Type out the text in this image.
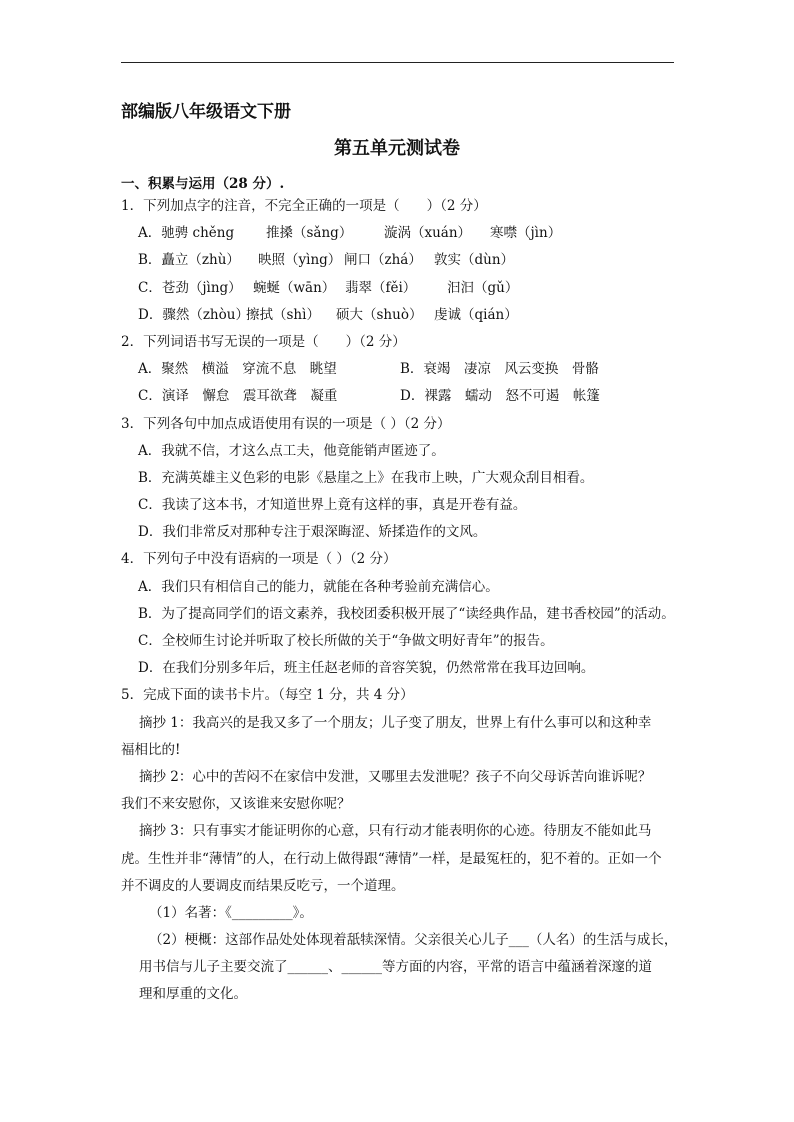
部编版八年级语文下册
第五单元测试卷
一、积累与运用（28 分）.
1．下列加点字的注音，不完全正确的一项是（　　）（2 分）
A．驰骋 chěng 推搡（sǎng） 漩涡（xuán） 寒噤（jìn）
B．矗立（zhù） 映照（yìng） 闸口（zhá） 敦实（dùn）
C．苍劲（jìng） 蜿蜒（wān） 翡翠（fěi） 汩汩（gǔ）
D．骤然（zhòu）擦拭（shì） 硕大（shuò） 虔诚（qián）
2．下列词语书写无误的一项是（　　）（2 分）
A．聚然　横溢　穿流不息　眺望	B．衰竭　凄凉　风云变换　骨骼
C．演译　懈怠　震耳欲聋　凝重	D．裸露　蠕动　怒不可遏　帐篷
3．下列各句中加点成语使用有误的一项是（ ）（2 分）
A．我就不信，才这么点工夫，他竟能销声匿迹了。
B．充满英雄主义色彩的电影《悬崖之上》在我市上映，广大观众刮目相看。
C．我读了这本书，才知道世界上竟有这样的事，真是开卷有益。
D．我们非常反对那种专注于艰深晦涩、矫揉造作的文风。
4．下列句子中没有语病的一项是（ ）（2 分）
A．我们只有相信自己的能力，就能在各种考验前充满信心。
B．为了提高同学们的语文素养，我校团委积极开展了“读经典作品，建书香校园”的活动。
C．全校师生讨论并听取了校长所做的关于“争做文明好青年”的报告。
D．在我们分别多年后，班主任赵老师的音容笑貌，仍然常常在我耳边回响。
5．完成下面的读书卡片。（每空 1 分，共 4 分）
摘抄 1：我高兴的是我又多了一个朋友；儿子变了朋友，世界上有什么事可以和这种幸
福相比的!
摘抄 2：心中的苦闷不在家信中发泄，又哪里去发泄呢？孩子不向父母诉苦向谁诉呢？
我们不来安慰你，又该谁来安慰你呢？
摘抄 3：只有事实才能证明你的心意，只有行动才能表明你的心迹。待朋友不能如此马
虎。生性并非“薄情”的人，在行动上做得跟“薄情”一样，是最冤枉的，犯不着的。正如一个
并不调皮的人要调皮而结果反吃亏，一个道理。
（1）名著：《_________》。
（2）梗概：这部作品处处体现着舐犊深情。父亲很关心儿子___（人名）的生活与成长，
用书信与儿子主要交流了______、______等方面的内容，平常的语言中蕴涵着深邃的道
理和厚重的文化。
